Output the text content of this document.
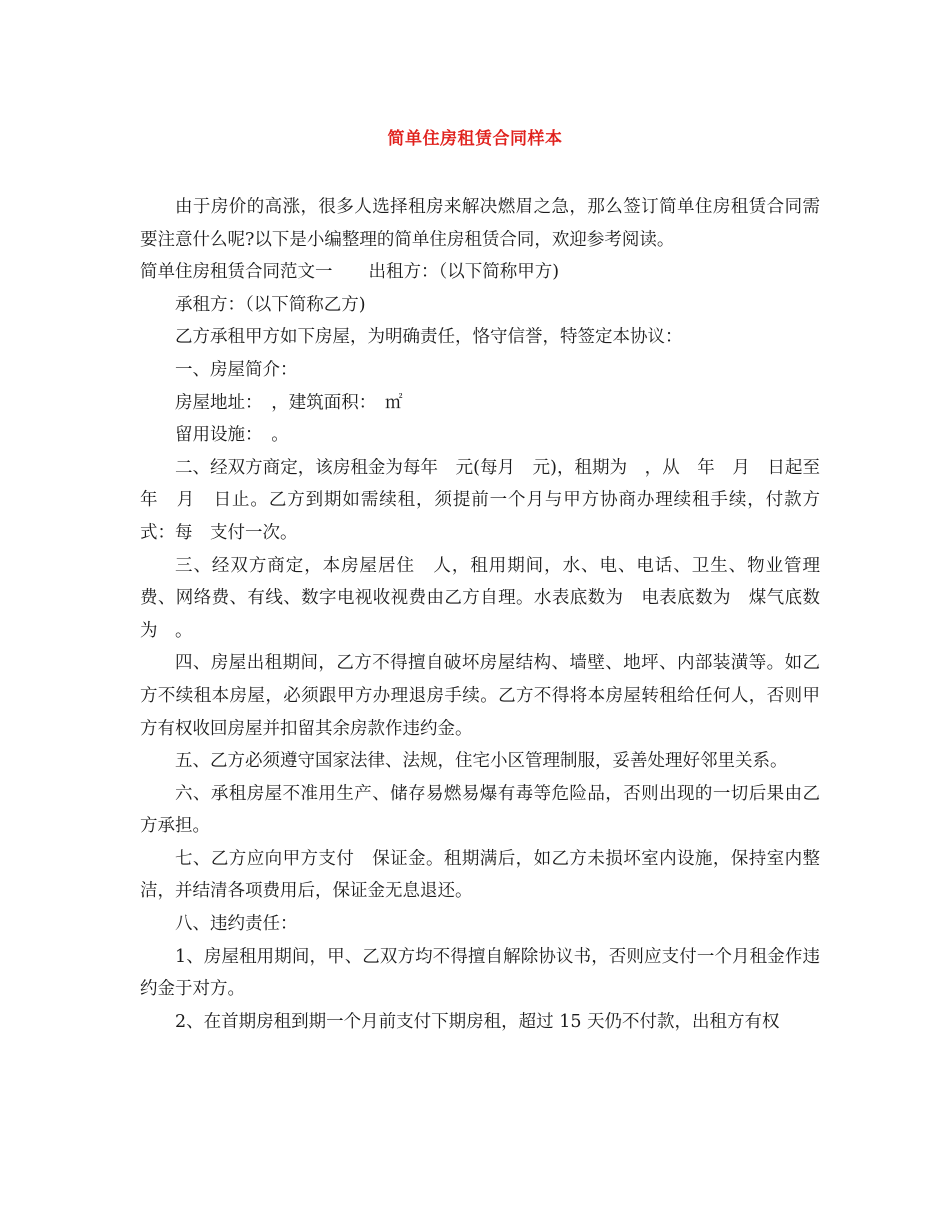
简单住房租赁合同样本

由于房价的高涨，很多人选择租房来解决燃眉之急，那么签订简单住房租赁合同需要注意什么呢?以下是小编整理的简单住房租赁合同，欢迎参考阅读。

简单住房租赁合同范文一 出租方：（以下简称甲方)

承租方：（以下简称乙方)

乙方承租甲方如下房屋，为明确责任，恪守信誉，特签定本协议：

一、房屋简介：

房屋地址：　，建筑面积：　㎡

留用设施：　。

二、经双方商定，该房租金为每年　元(每月　元)，租期为　，从　年　月　日起至　年　月　日止。乙方到期如需续租，须提前一个月与甲方协商办理续租手续，付款方式：每　支付一次。

三、经双方商定，本房屋居住　人，租用期间，水、电、电话、卫生、物业管理费、网络费、有线、数字电视收视费由乙方自理。水表底数为　电表底数为　煤气底数为　。

四、房屋出租期间，乙方不得擅自破坏房屋结构、墙壁、地坪、内部装潢等。如乙方不续租本房屋，必须跟甲方办理退房手续。乙方不得将本房屋转租给任何人，否则甲方有权收回房屋并扣留其余房款作违约金。

五、乙方必须遵守国家法律、法规，住宅小区管理制服，妥善处理好邻里关系。

六、承租房屋不准用生产、储存易燃易爆有毒等危险品，否则出现的一切后果由乙方承担。

七、乙方应向甲方支付　保证金。租期满后，如乙方未损坏室内设施，保持室内整洁，并结清各项费用后，保证金无息退还。

八、违约责任：

1、房屋租用期间，甲、乙双方均不得擅自解除协议书，否则应支付一个月租金作违约金于对方。

2、在首期房租到期一个月前支付下期房租，超过 15 天仍不付款，出租方有权
